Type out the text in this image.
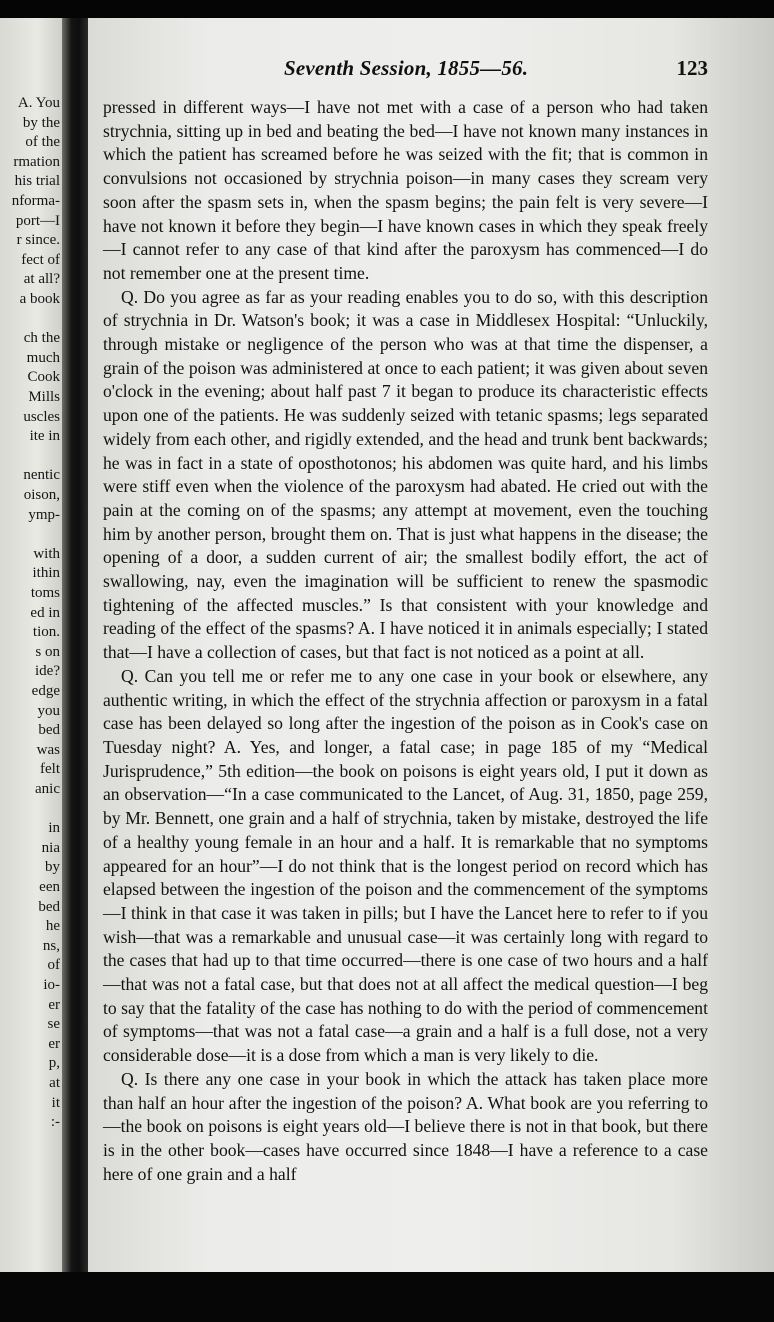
A. You
by the
of the
rmation
his trial
nforma-
port—I
r since.
fect of
at all?
a book
ch the
much
Cook
Mills
uscles
ite in
nentic
oison,
ymp-
with
ithin
toms
ed in
tion.
s on
ide?
edge
you
bed
was
felt
anic
in
nia
by
een
bed
he
ns,
of
io-
er
se
er
p,
at
it
:-
Seventh Session, 1855—56.	123

pressed in different ways—I have not met with a case of a person who had taken strychnia, sitting up in bed and beating the bed—I have not known many instances in which the patient has screamed before he was seized with the fit; that is common in convulsions not occasioned by strychnia poison—in many cases they scream very soon after the spasm sets in, when the spasm begins; the pain felt is very severe—I have not known it before they begin—I have known cases in which they speak freely—I cannot refer to any case of that kind after the paroxysm has commenced—I do not remember one at the present time.

Q. Do you agree as far as your reading enables you to do so, with this description of strychnia in Dr. Watson's book; it was a case in Middlesex Hospital: “Unluckily, through mistake or negligence of the person who was at that time the dispenser, a grain of the poison was administered at once to each patient; it was given about seven o'clock in the evening; about half past 7 it began to produce its characteristic effects upon one of the patients. He was suddenly seized with tetanic spasms; legs separated widely from each other, and rigidly extended, and the head and trunk bent backwards; he was in fact in a state of oposthotonos; his abdomen was quite hard, and his limbs were stiff even when the violence of the paroxysm had abated. He cried out with the pain at the coming on of the spasms; any attempt at movement, even the touching him by another person, brought them on. That is just what happens in the disease; the opening of a door, a sudden current of air; the smallest bodily effort, the act of swallowing, nay, even the imagination will be sufficient to renew the spasmodic tightening of the affected muscles.” Is that consistent with your knowledge and reading of the effect of the spasms? A. I have noticed it in animals especially; I stated that—I have a collection of cases, but that fact is not noticed as a point at all.

Q. Can you tell me or refer me to any one case in your book or elsewhere, any authentic writing, in which the effect of the strychnia affection or paroxysm in a fatal case has been delayed so long after the ingestion of the poison as in Cook's case on Tuesday night? A. Yes, and longer, a fatal case; in page 185 of my “Medical Jurisprudence,” 5th edition—the book on poisons is eight years old, I put it down as an observation—“In a case communicated to the Lancet, of Aug. 31, 1850, page 259, by Mr. Bennett, one grain and a half of strychnia, taken by mistake, destroyed the life of a healthy young female in an hour and a half. It is remarkable that no symptoms appeared for an hour”—I do not think that is the longest period on record which has elapsed between the ingestion of the poison and the commencement of the symptoms—I think in that case it was taken in pills; but I have the Lancet here to refer to if you wish—that was a remarkable and unusual case—it was certainly long with regard to the cases that had up to that time occurred—there is one case of two hours and a half—that was not a fatal case, but that does not at all affect the medical question—I beg to say that the fatality of the case has nothing to do with the period of commencement of symptoms—that was not a fatal case—a grain and a half is a full dose, not a very considerable dose—it is a dose from which a man is very likely to die.

Q. Is there any one case in your book in which the attack has taken place more than half an hour after the ingestion of the poison? A. What book are you referring to—the book on poisons is eight years old—I believe there is not in that book, but there is in the other book—cases have occurred since 1848—I have a reference to a case here of one grain and a half
